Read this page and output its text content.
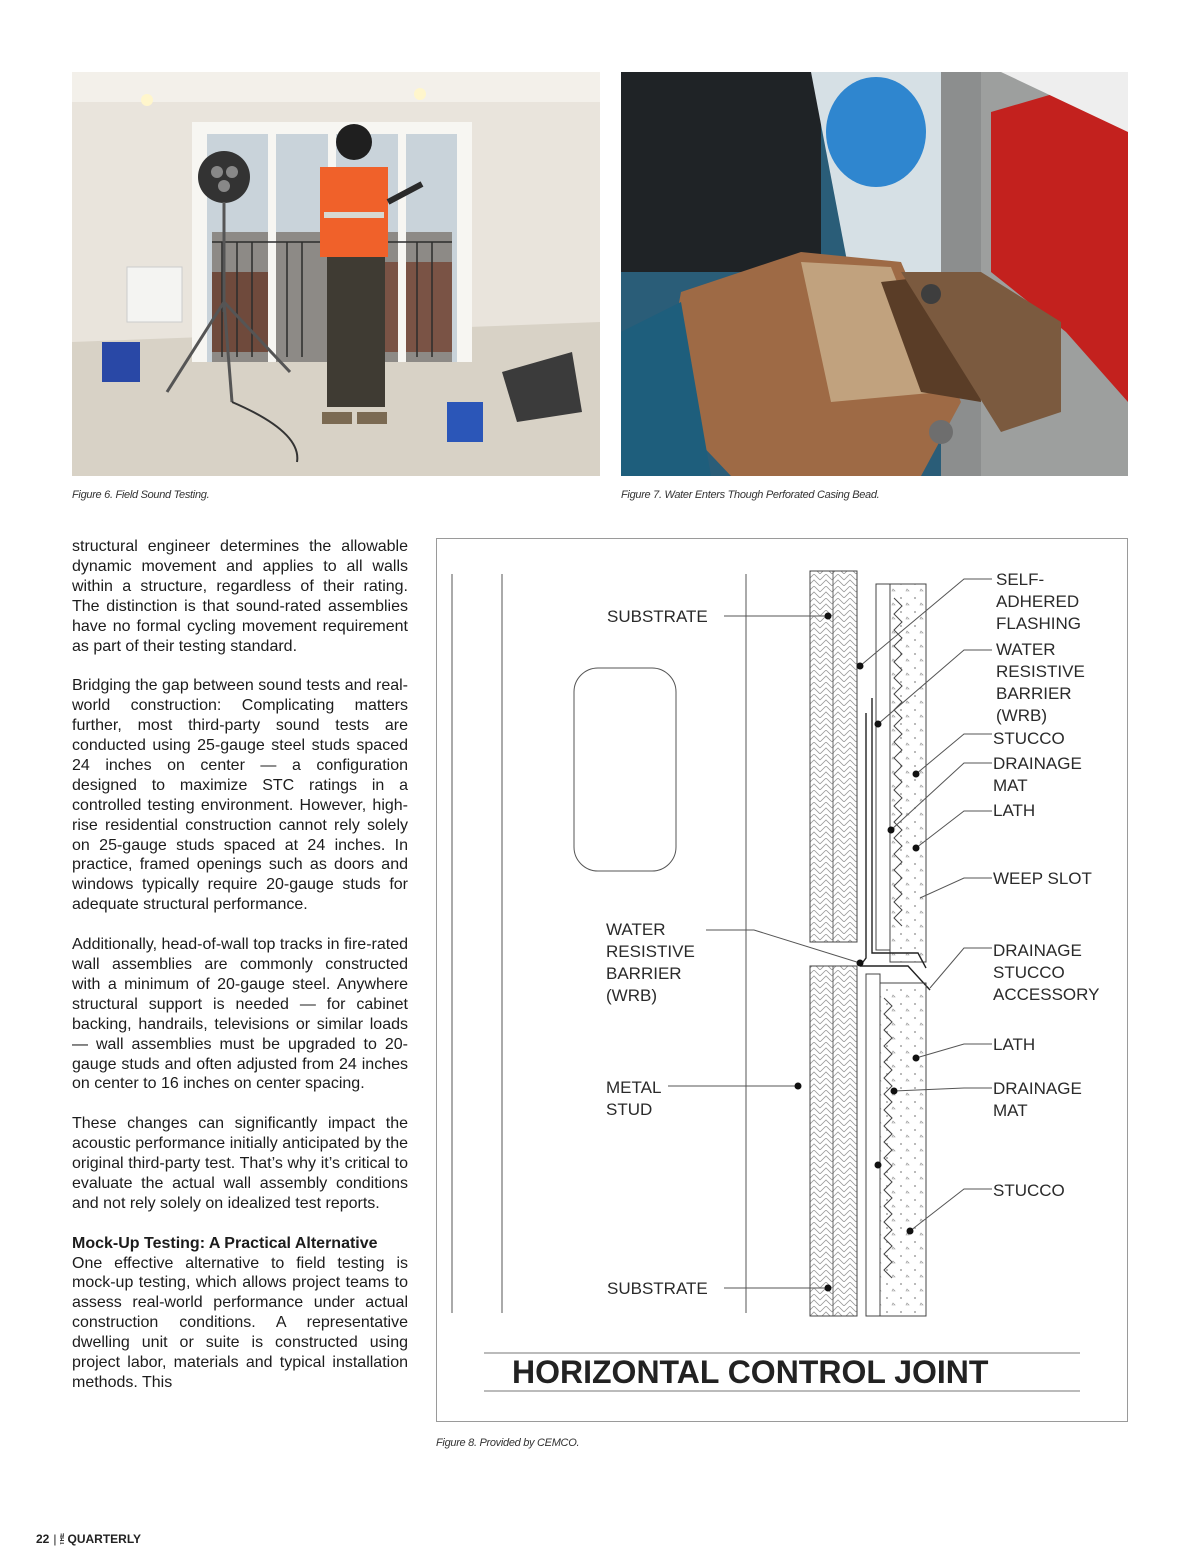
Figure 6. Field Sound Testing.	Figure 7. Water Enters Though Perforated Casing Bead.

structural engineer determines the allowable dynamic movement and applies to all walls within a structure, regardless of their rating. The distinction is that sound-rated assemblies have no formal cycling movement requirement as part of their testing standard.

Bridging the gap between sound tests and real-world construction: Complicating matters further, most third-party sound tests are conducted using 25-gauge steel studs spaced 24 inches on center — a configuration designed to maximize STC ratings in a controlled testing environment. However, high-rise residential construction cannot rely solely on 25-gauge studs spaced at 24 inches. In practice, framed openings such as doors and windows typically require 20-gauge studs for adequate structural performance.

Additionally, head-of-wall top tracks in fire-rated wall assemblies are commonly constructed with a minimum of 20-gauge steel. Anywhere structural support is needed — for cabinet backing, handrails, televisions or similar loads — wall assemblies must be upgraded to 20-gauge studs and often adjusted from 24 inches on center to 16 inches on center spacing.

These changes can significantly impact the acoustic performance initially anticipated by the original third-party test. That’s why it’s critical to evaluate the actual wall assembly conditions and not rely solely on idealized test reports.

Mock-Up Testing: A Practical Alternative

One effective alternative to field testing is mock-up testing, which allows project teams to assess real-world performance under actual construction conditions. A representative dwelling unit or suite is constructed using project labor, materials and typical installation methods. This

SUBSTRATE
WATER
RESISTIVE
BARRIER
(WRB)
METAL
STUD
SUBSTRATE
SELF-
ADHERED
FLASHING
WATER
RESISTIVE
BARRIER
(WRB)
STUCCO
DRAINAGE
MAT
LATH
WEEP SLOT
DRAINAGE
STUCCO
ACCESSORY
LATH
DRAINAGE
MAT
STUCCO
HORIZONTAL CONTROL JOINT
Figure 8. Provided by CEMCO.
22 | THE QUARTERLY
